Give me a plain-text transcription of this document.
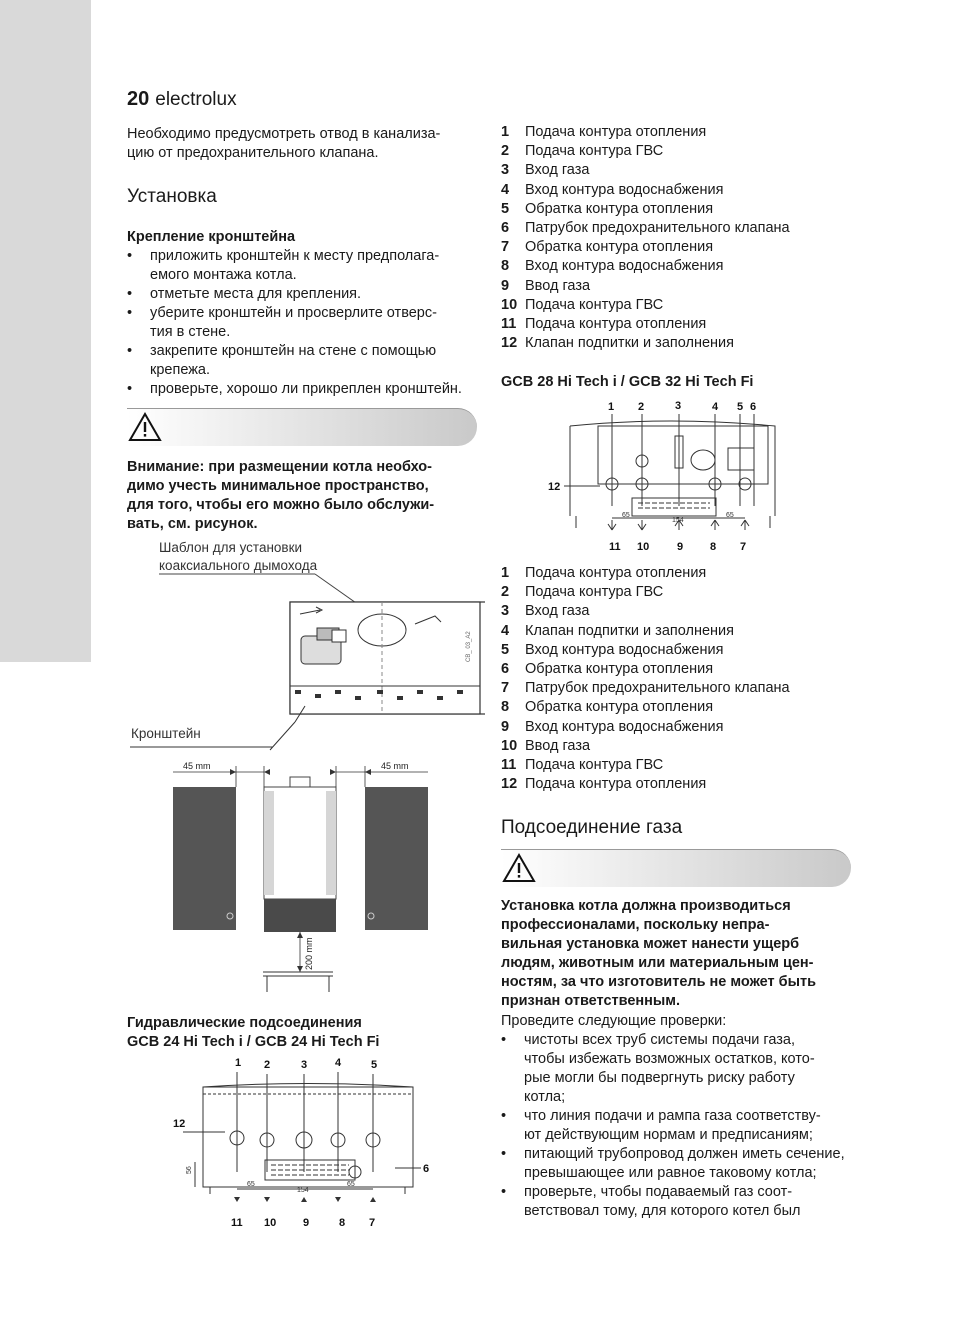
20 electrolux
Необходимо предусмотреть отвод в канализа-
цию от предохранительного клапана.
Установка
Крепление кронштейна
• приложить кронштейн к месту предполага-
емого монтажа котла.
• отметьте места для крепления.
• уберите кронштейн и просверлите отверс-
тия в стене.
• закрепите кронштейн на стене с помощью
крепежа.
• проверьте, хорошо ли прикреплен кронштейн.
Внимание: при размещении котла необхо-
димо учесть минимальное пространство,
для того, чтобы его можно было обслужи-
вать, см. рисунок.
Шаблон для установки
коаксиального дымохода
CB_ 03_A2
Кронштейн
45 mm	45 mm
200 mm
Гидравлические подсоединения
GCB 24 Hi Tech i / GCB 24 Hi Tech Fi
1 2	3	4	5
12
6
11 10 9	8 7
65
154
65
56
1 Подача контура отопления
2 Подача контура ГВС
3 Вход газа
4 Вход контура водоснабжения
5 Обратка контура отопления
6 Патрубок предохранительного клапана
7 Обратка контура отопления
8 Вход контура водоснабжения
9 Ввод газа
10 Подача контура ГВС
11 Подача контура отопления
12 Клапан подпитки и заполнения
GCB 28 Hi Tech i / GCB 32 Hi Tech Fi
1 2	3	4 5 6
12
11 10	9 8 7
65
154
65
1 Подача контура отопления
2 Подача контура ГВС
3 Вход газа
4 Клапан подпитки и заполнения
5 Вход контура водоснабжения
6 Обратка контура отопления
7 Патрубок предохранительного клапана
8 Обратка контура отопления
9 Вход контура водоснабжения
10 Ввод газа
11 Подача контура ГВС
12 Подача контура отопления
Подсоединение газа
Установка котла должна производиться
профессионалами, поскольку непра-
вильная установка может нанести ущерб
людям, животным или материальным цен-
ностям, за что изготовитель не может быть
признан ответственным.
Проведите следующие проверки:
• чистоты всех труб системы подачи газа,
чтобы избежать возможных остатков, кото-
рые могли бы подвергнуть риску работу
котла;
• что линия подачи и рампа газа соответству-
ют действующим нормам и предписаниям;
• питающий трубопровод должен иметь сечение,
превышающее или равное таковому котла;
• проверьте, чтобы подаваемый газ соот-
ветствовал тому, для которого котел был
